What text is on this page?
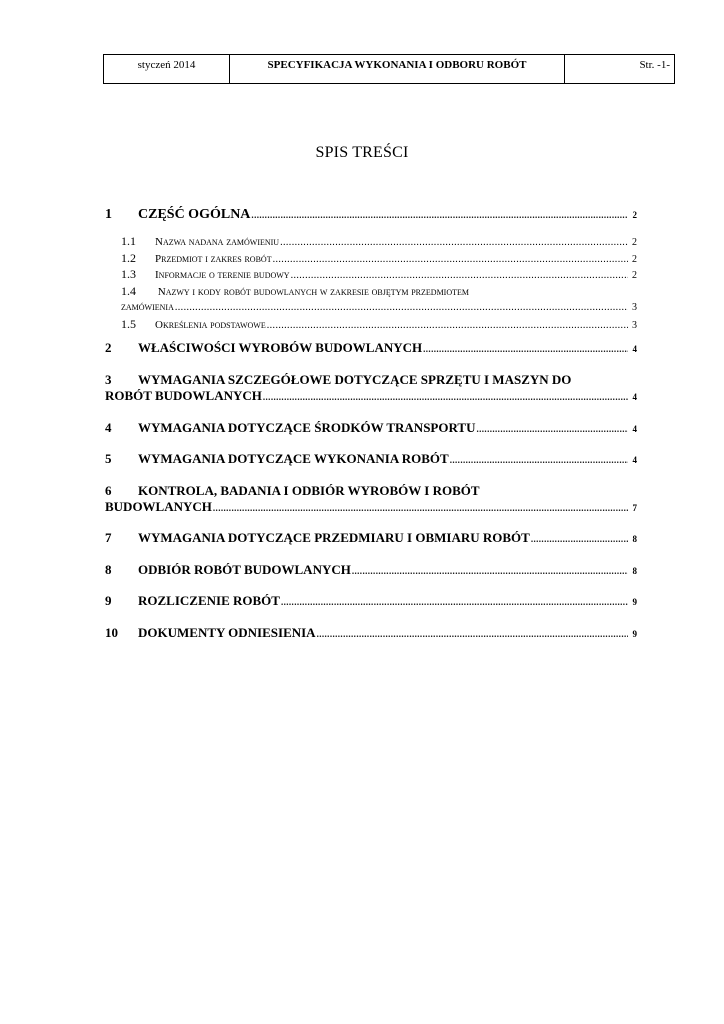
styczeń 2014	SPECYFIKACJA WYKONANIA I ODBORU ROBÓT	Str. -1-
SPIS TREŚCI
1	CZĘŚĆ OGÓLNA .....	2
1.1	Nazwa nadana zamówieniu .....	2
1.2	Przedmiot i zakres robót .....	2
1.3	Informacje o terenie budowy .....	2
1.4 Nazwy i kody robót budowlanych w zakresie objętym przedmiotem
zamówienia .....	3
1.5	Określenia podstawowe .....	3
2	WŁAŚCIWOŚCI WYROBÓW BUDOWLANYCH .....	4
3 WYMAGANIA SZCZEGÓŁOWE DOTYCZĄCE SPRZĘTU I MASZYN DO
ROBÓT BUDOWLANYCH .....	4
4	WYMAGANIA DOTYCZĄCE ŚRODKÓW TRANSPORTU .....	4
5	WYMAGANIA DOTYCZĄCE WYKONANIA ROBÓT .....	4
6 KONTROLA, BADANIA I ODBIÓR WYROBÓW I ROBÓT
BUDOWLANYCH .....	7
7	WYMAGANIA DOTYCZĄCE PRZEDMIARU I OBMIARU ROBÓT .....	8
8	ODBIÓR ROBÓT BUDOWLANYCH .....	8
9	ROZLICZENIE ROBÓT .....	9
10	DOKUMENTY ODNIESIENIA .....	9
